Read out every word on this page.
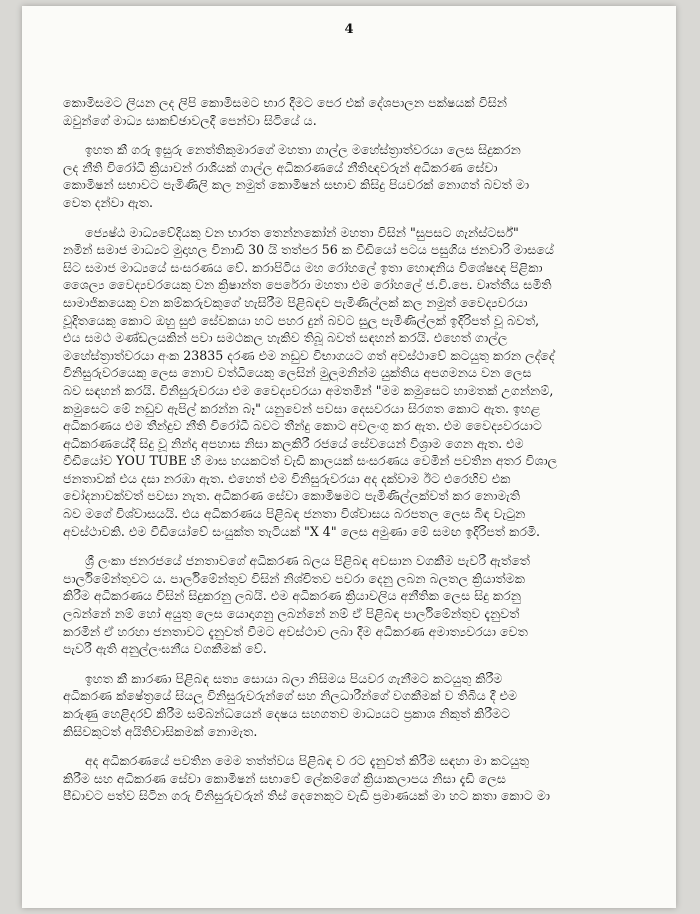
4
කොමිසමට ලියන ලද ලිපි කොමිසමට භාර දීමට පෙර එක් දේශපාලන පක්ෂයක් විසින්
ඔවුන්ගේ මාධ්‍ය සාකච්ඡාවලදී පෙන්වා සිටියේ ය.
ඉහත කී ගරු ඉසුරු නෙත්තිකුමාරගේ මහතා ගාල්ල මහේස්ත්‍රාත්වරයා ලෙස සිදුකරන
ලද නීති විරෝධී ක්‍රියාවන් රාශියක් ගාල්ල අධිකරණයේ නීතිඥවරුන් අධිකරණ සේවා
කොමිෂන් සභාවට පැමිණිලි කල නමුත් කොමිෂන් සභාව කිසිදු පියවරක් නොගත් බවත් මා
වෙත දන්වා ඇත.
ජ්‍යෙෂ්ඨ මාධ්‍යවේදියකු වන භාරත තෙන්නකෝන් මහතා විසින් "සුපසට ගැන්ස්ටර්ස්"
නමින් සමාජ මාධ්‍යට මුදාහල විනාඩි 30 යි තත්පර 56 ක වීඩියෝ පටය පසුගිය ජනවාරි මාසයේ
සිට සමාජ මාධ්‍යයේ සංසරණය වේ. කරාපිටිය මහ රෝහලේ ඉතා හොඳනිය විශේෂඥ පිළිකා
ශෛල්‍ය වෛද්‍යවරයෙකු වන ක්‍රිෂාන්ත පෙරේරා මහතා එම රෝහලේ ජ.වි.පෙ. වෘත්තීය සමිති
සාමාජිකයෙකු වන කම්කරුවකුගේ හැසිරීම පිළිබඳව පැමිණිල්ලක් කල නමුත් වෛද්‍යවරයා
වූදිතයෙකු කොට ඔහු සුළු සේවකයා හට පහර දුන් බවට සුලු පැමිණිල්ලක් ඉදිරිපත් වූ බවත්,
එය සමථ මණ්ඩලයකින් පවා සමථකල හැකිව තිබූ බවත් සඳහන් කරයි. එහෙත් ගාල්ල
මහේස්ත්‍රාත්වරයා අංක 23835 දරණ එම නඩුව විභාගයට ගත් අවස්ථාවේ කටයුතු කරන ලද්දේ
විනිසුරුවරයෙකු ලෙස නොව වත්ධියෙකු ලෙසින් මුලුමනින්ම යුක්තිය අපගමනය වන ලෙස
බව සඳහන් කරයි. විනිසුරුවරයා එම වෛද්‍යවරයා අමතමින් "මම කමුසෙට හාමතක් උගන්නම්,
කමුසෙට මේ නඩුව ඇපිල් කරන්න බෑ" යනුවෙන් පවසා දෙසවරයා සිරගත කොට ඇත. ඉහළ
අධිකරණය එම තීන්දුව නීති විරෝධී බවට තීන්දු කොට අවලංගු කර ඇත. එම වෛද්‍යවරයාට
අධිකරණයේදී සිදු වූ නින්දා අපහාස නිසා කලකිරී රජයේ සේවයෙන් විශ්‍රාම ගෙන ඇත. එම
වීඩියෝව YOU TUBE හි මාස හයකටත් වැඩි කාලයක් සංසරණය වෙමින් පවතින අතර විශාල
ජනතාවක් එය දසා නරඹා ඇත. එහෙත් එම විනිසුරුවරයා අද දක්වාම ඊට එරෙහිව එක
චෝදනාවක්වත් පවසා නැත. අධිකරණ සේවා කොමිෂමට පැමිණිල්ලක්වත් කර නොමැති
බව මගේ විශ්වාසයයි. එය අධිකරණය පිළිබඳ ජනතා විශ්වාසය බරපතල ලෙස බිඳ වැටුන
අවස්ථාවකි. එම වීඩියෝවේ සංයුක්ත තැටියක් "X 4" ලෙස අමුණා මේ සමඟ ඉදිරිපත් කරමි.
ශ්‍රී ලංකා ජනරජයේ ජනතාවගේ අධිකරණ බලය පිළිබඳ අවසාන වගකීම පැවරී ඇත්තේ
පාර්ලිමේන්තුවට ය. පාර්ලිමේන්තුව විසින් නිශ්චිතව පවරා දෙනු ලබන බලතල ක්‍රියාත්මක
කිරීම අධිකරණය විසින් සිදුකරනු ලබයි. එම අධිකරණ ක්‍රියාවලිය අනීතික ලෙස සිදු කරනු
ලබන්නේ නම් හෝ අයුතු ලෙස යොදාගනු ලබන්නේ නම් ඒ පිළිබඳ පාර්ලිමේන්තුව දැනුවත්
කරමින් ඒ හරහා ජනතාවට දැනුවත් වීමට අවස්ථාව ලබා දීම අධිකරණ අමාත්‍යවරයා වෙත
පැවරී ඇති අනුල්ලංඝනීය වගකීමක් වේ.
ඉහත කී කාරණා පිළිබඳ සත්‍ය සොයා බලා නිසිමය පියවර ගැනීමට කටයුතු කිරීම
අධිකරණ ක්ෂේත්‍රයේ සියලු විනිසුරුවරුන්ගේ සහ නිලධාරීන්ගේ වගකීමක් ව තිබිය දී එම
කරුණු හෙළිදරව් කිරීම සම්බන්ධයෙන් දෙෂය සහගතව මාධ්‍යයට ප්‍රකාශ නිකුත් කිරීමට
කිසිවකුටත් අයිතිවාසිකමක් නොමැත.
අද අධිකරණයේ පවතින මෙම තත්ත්වය පිළිබඳ ව රට දැනුවත් කිරීම සඳහා මා කටයුතු
කිරීම සහ අධිකරණ සේවා කොමිෂන් සභාවේ ලේකම්ගේ ක්‍රියාකලාපය නිසා දැඩි ලෙස
පීඩාවට පත්ව සිටින ගරු විනිසුරුවරුන් තිස් දෙනෙකුට වැඩි ප්‍රමාණයක් මා හට කතා කොට මා
